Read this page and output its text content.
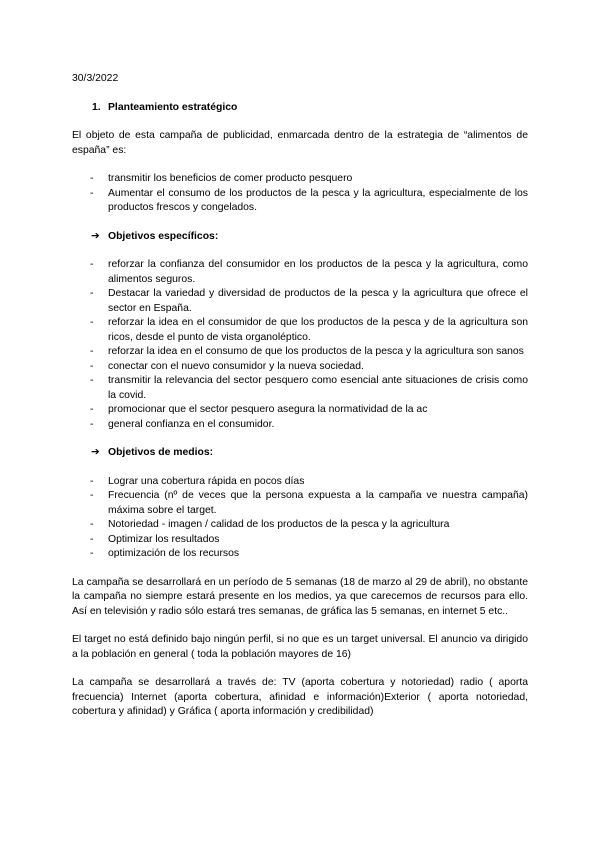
30/3/2022

1. Planteamiento estratégico

El objeto de esta campaña de publicidad, enmarcada dentro de la estrategia de “alimentos de españa” es:

- transmitir los beneficios de comer producto pesquero
- Aumentar el consumo de los productos de la pesca y la agricultura, especialmente de los productos frescos y congelados.

➔ Objetivos específicos:

- reforzar la confianza del consumidor en los productos de la pesca y la agricultura, como alimentos seguros.
- Destacar la variedad y diversidad de productos de la pesca y la agricultura que ofrece el sector en España.
- reforzar la idea en el consumidor de que los productos de la pesca y de la agricultura son ricos, desde el punto de vista organoléptico.
- reforzar la idea en el consumo de que los productos de la pesca y la agricultura son sanos
- conectar con el nuevo consumidor y la nueva sociedad.
- transmitir la relevancia del sector pesquero como esencial ante situaciones de crisis como la covid.
- promocionar que el sector pesquero asegura la normatividad de la ac
- general confianza en el consumidor.

➔ Objetivos de medios:

- Lograr una cobertura rápida en pocos días
- Frecuencia (nº de veces que la persona expuesta a la campaña ve nuestra campaña) máxima sobre el target.
- Notoriedad - imagen / calidad de los productos de la pesca y la agricultura
- Optimizar los resultados
- optimización de los recursos

La campaña se desarrollará en un período de 5 semanas (18 de marzo al 29 de abril), no obstante la campaña no siempre estará presente en los medios, ya que carecemos de recursos para ello. Así en televisión y radio sólo estará tres semanas, de gráfica las 5 semanas, en internet 5 etc..

El target no está definido bajo ningún perfil, si no que es un target universal. El anuncio va dirigido a la población en general ( toda la población mayores de 16)

La campaña se desarrollará a través de: TV (aporta cobertura y notoriedad) radio ( aporta frecuencia) Internet (aporta cobertura, afinidad e información)Exterior ( aporta notoriedad, cobertura y afinidad) y Gráfica ( aporta información y credibilidad)
